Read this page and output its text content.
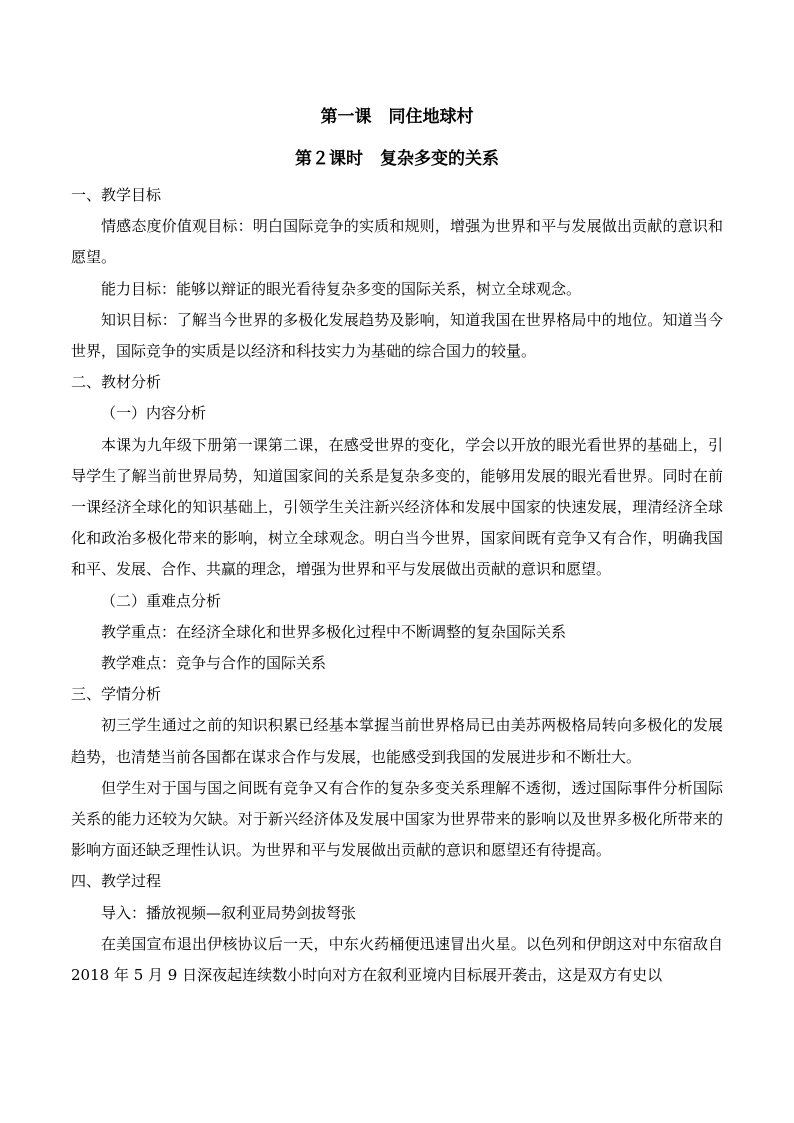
第一课　同住地球村
第２课时　复杂多变的关系

一、教学目标

情感态度价值观目标：明白国际竞争的实质和规则，增强为世界和平与发展做出贡献的意识和愿望。

能力目标：能够以辩证的眼光看待复杂多变的国际关系，树立全球观念。

知识目标：了解当今世界的多极化发展趋势及影响，知道我国在世界格局中的地位。知道当今世界，国际竞争的实质是以经济和科技实力为基础的综合国力的较量。

二、教材分析

（一）内容分析

本课为九年级下册第一课第二课，在感受世界的变化，学会以开放的眼光看世界的基础上，引导学生了解当前世界局势，知道国家间的关系是复杂多变的，能够用发展的眼光看世界。同时在前一课经济全球化的知识基础上，引领学生关注新兴经济体和发展中国家的快速发展，理清经济全球化和政治多极化带来的影响，树立全球观念。明白当今世界，国家间既有竞争又有合作，明确我国和平、发展、合作、共赢的理念，增强为世界和平与发展做出贡献的意识和愿望。

（二）重难点分析

教学重点：在经济全球化和世界多极化过程中不断调整的复杂国际关系

教学难点：竞争与合作的国际关系

三、学情分析

初三学生通过之前的知识积累已经基本掌握当前世界格局已由美苏两极格局转向多极化的发展趋势，也清楚当前各国都在谋求合作与发展，也能感受到我国的发展进步和不断壮大。

但学生对于国与国之间既有竞争又有合作的复杂多变关系理解不透彻，透过国际事件分析国际关系的能力还较为欠缺。对于新兴经济体及发展中国家为世界带来的影响以及世界多极化所带来的影响方面还缺乏理性认识。为世界和平与发展做出贡献的意识和愿望还有待提高。

四、教学过程

导入：播放视频—叙利亚局势剑拔弩张

在美国宣布退出伊核协议后一天，中东火药桶便迅速冒出火星。以色列和伊朗这对中东宿敌自 2018 年 5 月 9 日深夜起连续数小时向对方在叙利亚境内目标展开袭击，这是双方有史以
